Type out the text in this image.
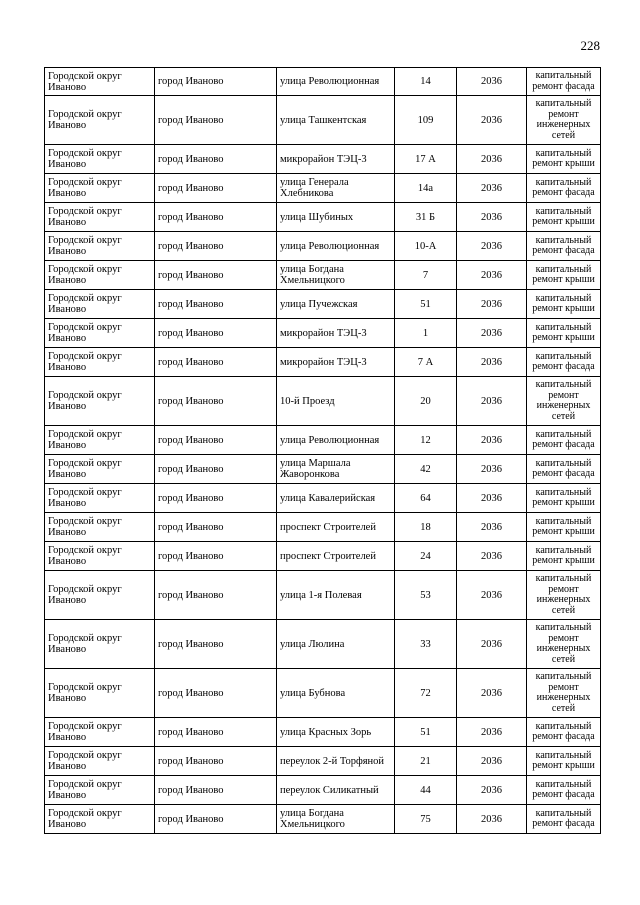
228
Городской округ Иваново	город Иваново	улица Революционная	14	2036	капитальный ремонт фасада
Городской округ Иваново	город Иваново	улица Ташкентская	109	2036	капитальный ремонт инженерных сетей
Городской округ Иваново	город Иваново	микрорайон ТЭЦ-3	17 А	2036	капитальный ремонт крыши
Городской округ Иваново	город Иваново	улица Генерала Хлебникова	14а	2036	капитальный ремонт фасада
Городской округ Иваново	город Иваново	улица Шубиных	31 Б	2036	капитальный ремонт крыши
Городской округ Иваново	город Иваново	улица Революционная	10-А	2036	капитальный ремонт фасада
Городской округ Иваново	город Иваново	улица Богдана Хмельницкого	7	2036	капитальный ремонт крыши
Городской округ Иваново	город Иваново	улица Пучежская	51	2036	капитальный ремонт крыши
Городской округ Иваново	город Иваново	микрорайон ТЭЦ-3	1	2036	капитальный ремонт крыши
Городской округ Иваново	город Иваново	микрорайон ТЭЦ-3	7 А	2036	капитальный ремонт фасада
Городской округ Иваново	город Иваново	10-й Проезд	20	2036	капитальный ремонт инженерных сетей
Городской округ Иваново	город Иваново	улица Революционная	12	2036	капитальный ремонт фасада
Городской округ Иваново	город Иваново	улица Маршала Жаворонкова	42	2036	капитальный ремонт фасада
Городской округ Иваново	город Иваново	улица Кавалерийская	64	2036	капитальный ремонт крыши
Городской округ Иваново	город Иваново	проспект Строителей	18	2036	капитальный ремонт крыши
Городской округ Иваново	город Иваново	проспект Строителей	24	2036	капитальный ремонт крыши
Городской округ Иваново	город Иваново	улица 1-я Полевая	53	2036	капитальный ремонт инженерных сетей
Городской округ Иваново	город Иваново	улица Люлина	33	2036	капитальный ремонт инженерных сетей
Городской округ Иваново	город Иваново	улица Бубнова	72	2036	капитальный ремонт инженерных сетей
Городской округ Иваново	город Иваново	улица Красных Зорь	51	2036	капитальный ремонт фасада
Городской округ Иваново	город Иваново	переулок 2-й Торфяной	21	2036	капитальный ремонт крыши
Городской округ Иваново	город Иваново	переулок Силикатный	44	2036	капитальный ремонт фасада
Городской округ Иваново	город Иваново	улица Богдана Хмельницкого	75	2036	капитальный ремонт фасада
